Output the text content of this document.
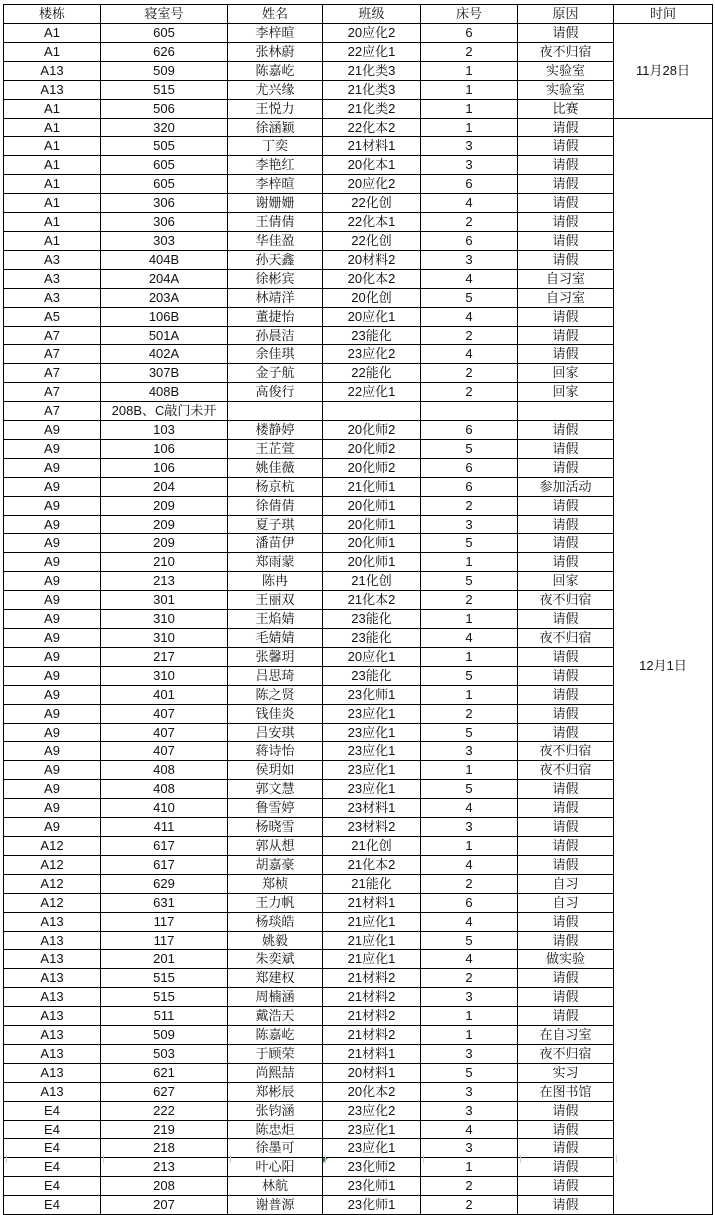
楼栋	寝室号	姓名	班级	床号	原因	时间
A1	605	李梓暄	20应化2	6	请假	11月28日
A1	626	张林蔚	22应化1	2	夜不归宿	
A13	509	陈嘉屹	21化类3	1	实验室	
A13	515	尤兴缘	21化类3	1	实验室	
A1	506	王悦力	21化类2	1	比赛	
A1	320	徐涵颖	22化本2	1	请假	12月1日
A1	505	丁奕	21材料1	3	请假	
A1	605	李艳红	20化本1	3	请假	
A1	605	李梓暄	20应化2	6	请假	
A1	306	谢姗姗	22化创	4	请假	
A1	306	王倩倩	22化本1	2	请假	
A1	303	华佳盈	22化创	6	请假	
A3	404B	孙天鑫	20材料2	3	请假	
A3	204A	徐彬宾	20化本2	4	自习室	
A3	203A	林靖洋	20化创	5	自习室	
A5	106B	董捷怡	20应化1	4	请假	
A7	501A	孙晨洁	23能化	2	请假	
A7	402A	余佳琪	23应化2	4	请假	
A7	307B	金子航	22能化	2	回家	
A7	408B	高俊行	22应化1	2	回家	
A7	208B、C敲门未开					
A9	103	楼静婷	20化师2	6	请假	
A9	106	王芷萱	20化师2	5	请假	
A9	106	姚佳薇	20化师2	6	请假	
A9	204	杨京杭	21化师1	6	参加活动	
A9	209	徐倩倩	20化师1	2	请假	
A9	209	夏子琪	20化师1	3	请假	
A9	209	潘苗伊	20化师1	5	请假	
A9	210	郑雨蒙	20化师1	1	请假	
A9	213	陈冉	21化创	5	回家	
A9	301	王丽双	21化本2	2	夜不归宿	
A9	310	王焰婧	23能化	1	请假	
A9	310	毛婧婧	23能化	4	夜不归宿	
A9	217	张馨玥	20应化1	1	请假	
A9	310	吕思琦	23能化	5	请假	
A9	401	陈之贤	23化师1	1	请假	
A9	407	钱佳炎	23应化1	2	请假	
A9	407	吕安琪	23应化1	5	请假	
A9	407	蒋诗怡	23应化1	3	夜不归宿	
A9	408	侯玥如	23应化1	1	夜不归宿	
A9	408	郭文慧	23应化1	5	请假	
A9	410	鲁雪婷	23材料1	4	请假	
A9	411	杨晓雪	23材料2	3	请假	
A12	617	郭从想	21化创	1	请假	
A12	617	胡嘉豪	21化本2	4	请假	
A12	629	郑桢	21能化	2	自习	
A12	631	王力帆	21材料1	6	自习	
A13	117	杨琰皓	21应化1	4	请假	
A13	117	姚毅	21应化1	5	请假	
A13	201	朱奕斌	21应化1	4	做实验	
A13	515	郑建权	21材料2	2	请假	
A13	515	周楠涵	21材料2	3	请假	
A13	511	戴浩天	21材料2	1	请假	
A13	509	陈嘉屹	21材料2	1	在自习室	
A13	503	于顾荣	21材料1	3	夜不归宿	
A13	621	尚熙喆	20材料1	5	实习	
A13	627	郑彬辰	20化本2	3	在图书馆	
E4	222	张钧涵	23应化2	3	请假	
E4	219	陈忠炬	23应化1	4	请假	
E4	218	徐墨可	23应化1	3	请假	
E4	213	叶心阳	23化师2	1	请假	
E4	208	林航	23化师1	2	请假	
E4	207	谢普源	23化师1	2	请假	
